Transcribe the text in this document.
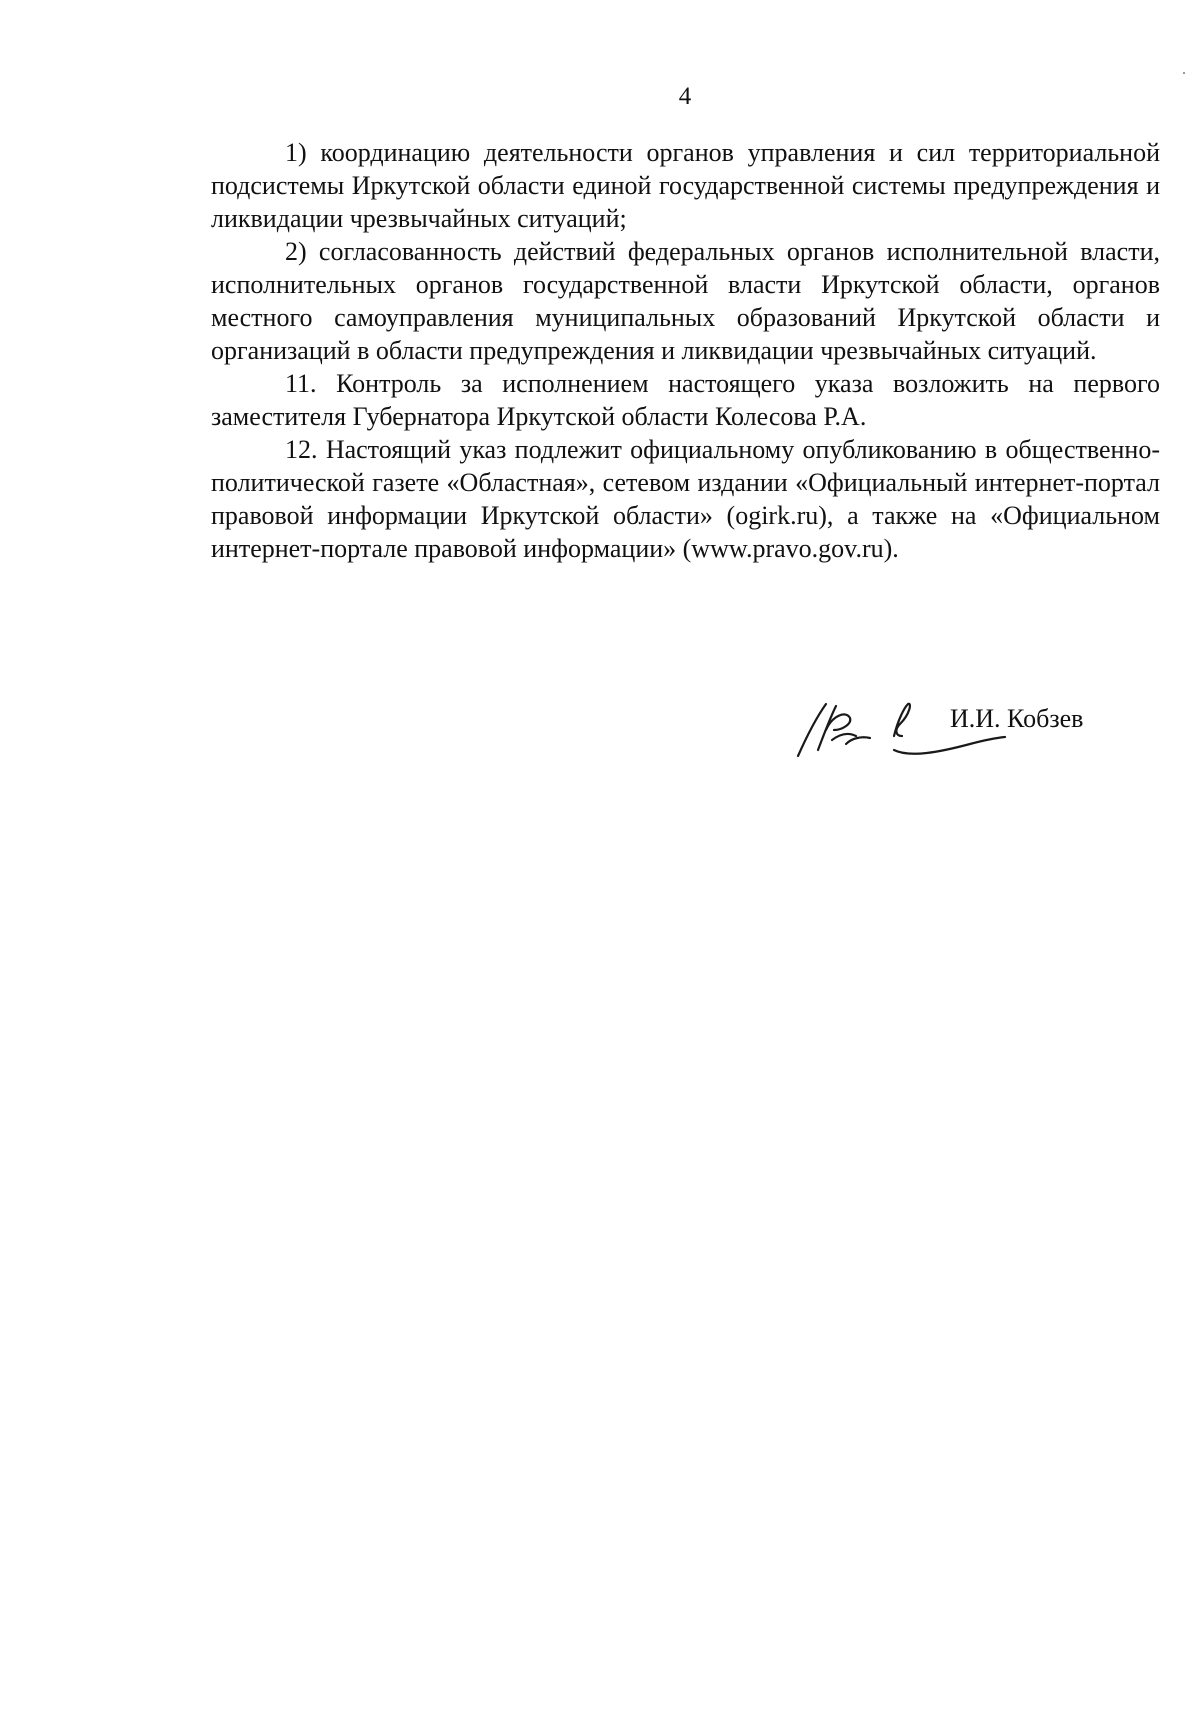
4

1) координацию деятельности органов управления и сил территориальной подсистемы Иркутской области единой государственной системы предупреждения и ликвидации чрезвычайных ситуаций;

2) согласованность действий федеральных органов исполнительной власти, исполнительных органов государственной власти Иркутской области, органов местного самоуправления муниципальных образований Иркутской области и организаций в области предупреждения и ликвидации чрезвычайных ситуаций.

11. Контроль за исполнением настоящего указа возложить на первого заместителя Губернатора Иркутской области Колесова Р.А.

12. Настоящий указ подлежит официальному опубликованию в общественно-политической газете «Областная», сетевом издании «Официальный интернет-портал правовой информации Иркутской области» (ogirk.ru), а также на «Официальном интернет-портале правовой информации» (www.pravo.gov.ru).

И.И. Кобзев
